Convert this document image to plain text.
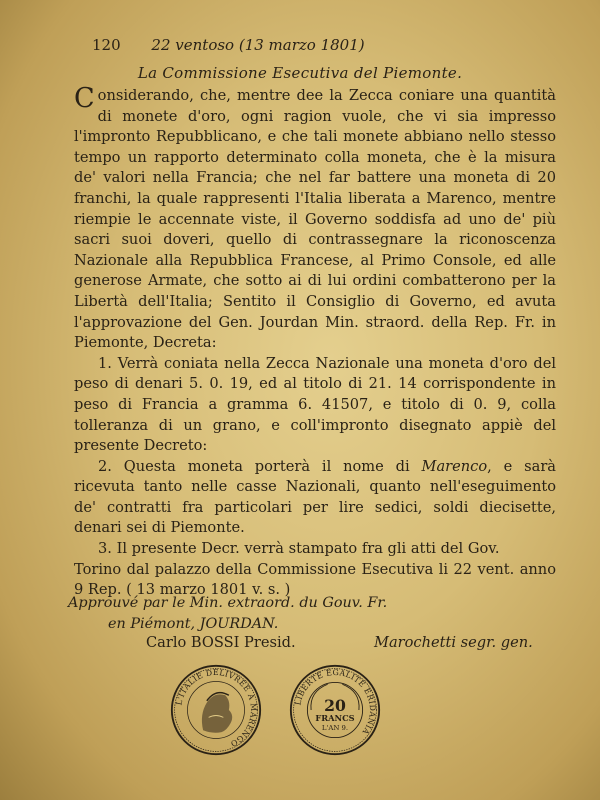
120 22 ventoso (13 marzo 1801)
La Commissione Esecutiva del Piemonte.

Considerando, che, mentre dee la Zecca coniare una quantità di monete d'oro, ogni ragion vuole, che vi sia impresso l'impronto Repubblicano, e che tali monete abbiano nello stesso tempo un rapporto determinato colla moneta, che è la misura de' valori nella Francia; che nel far battere una moneta di 20 franchi, la quale rappresenti l'Italia liberata a Marenco, mentre riempie le accennate viste, il Governo soddisfa ad uno de' più sacri suoi doveri, quello di contrassegnare la riconoscenza Nazionale alla Repubblica Francese, al Primo Console, ed alle generose Armate, che sotto ai di lui ordini combatterono per la Libertà dell'Italia; Sentito il Consiglio di Governo, ed avuta l'approvazione del Gen. Jourdan Min. straord. della Rep. Fr. in Piemonte, Decreta:

1. Verrà coniata nella Zecca Nazionale una moneta d'oro del peso di denari 5. 0. 19, ed al titolo di 21. 14 corrispondente in peso di Francia a gramma 6. 41507, e titolo di 0. 9, colla tolleranza di un grano, e coll'impronto disegnato appiè del presente Decreto:

2. Questa moneta porterà il nome di Marenco, e sarà ricevuta tanto nelle casse Nazionali, quanto nell'eseguimento de' contratti fra particolari per lire sedici, soldi diecisette, denari sei di Piemonte.

3. Il presente Decr. verrà stampato fra gli atti del Gov.

Torino dal palazzo della Commissione Esecutiva li 22 vent. anno 9 Rep. ( 13 marzo 1801 v. s. )

Approuvé par le Min. extraord. du Gouv. Fr.
en Piémont, JOURDAN.
Carlo BOSSI Presid.	Marochetti segr. gen.
L'ITALIE DELIVRÉE A MARENGO
LIBERTÉ ÉGALITÉ ERIDANIA
20
FRANCS
L'AN 9.
